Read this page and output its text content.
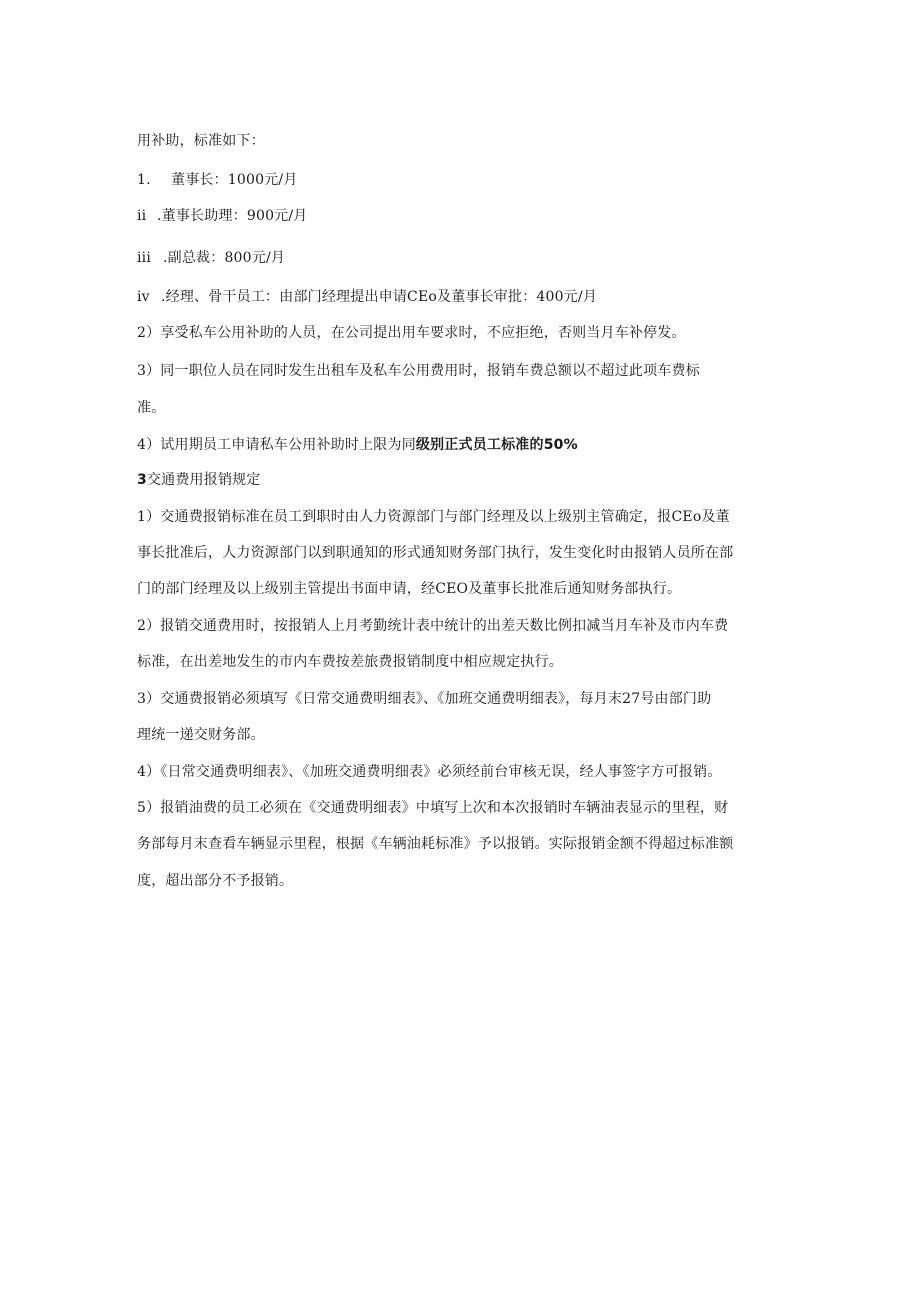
用补助，标准如下：
1. 董事长：1000元/月
ii .董事长助理：900元/月
iii .副总裁：800元/月
iv .经理、骨干员工：由部门经理提出申请CEo及董事长审批：400元/月
2）享受私车公用补助的人员，在公司提出用车要求时，不应拒绝，否则当月车补停发。
3）同一职位人员在同时发生出租车及私车公用费用时，报销车费总额以不超过此项车费标
准。
4）试用期员工申请私车公用补助时上限为同级别正式员工标准的50%
3交通费用报销规定
1）交通费报销标准在员工到职时由人力资源部门与部门经理及以上级别主管确定，报CEo及董
事长批准后，人力资源部门以到职通知的形式通知财务部门执行，发生变化时由报销人员所在部
门的部门经理及以上级别主管提出书面申请，经CEO及董事长批准后通知财务部执行。
2）报销交通费用时，按报销人上月考勤统计表中统计的出差天数比例扣减当月车补及市内车费
标准，在出差地发生的市内车费按差旅费报销制度中相应规定执行。
3）交通费报销必须填写《日常交通费明细表》、《加班交通费明细表》，每月末27号由部门助
理统一递交财务部。
4）《日常交通费明细表》、《加班交通费明细表》必须经前台审核无误，经人事签字方可报销。
5）报销油费的员工必须在《交通费明细表》中填写上次和本次报销时车辆油表显示的里程，财
务部每月末查看车辆显示里程，根据《车辆油耗标准》予以报销。实际报销金额不得超过标准额
度，超出部分不予报销。
